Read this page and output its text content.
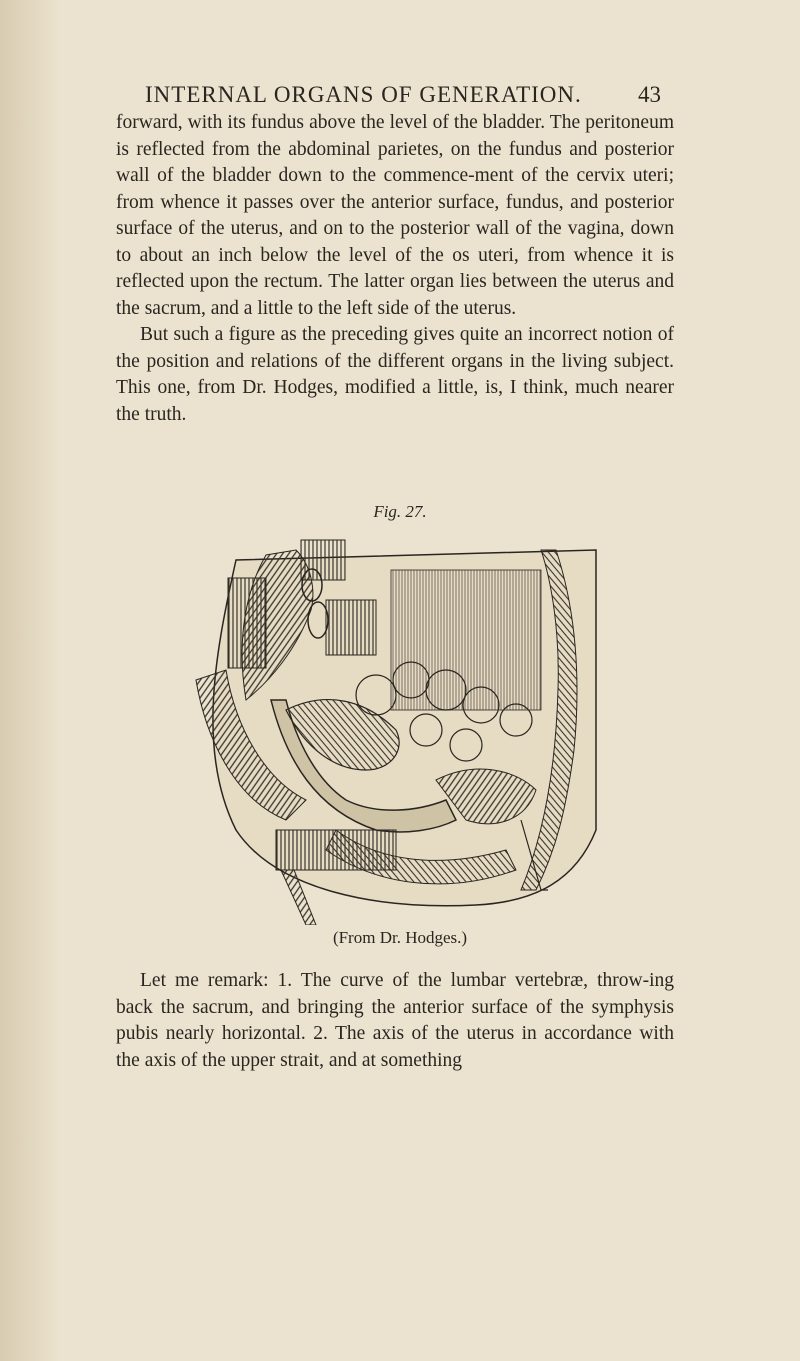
INTERNAL ORGANS OF GENERATION. 43

forward, with its fundus above the level of the bladder. The peritoneum is reflected from the abdominal parietes, on the fundus and posterior wall of the bladder down to the commence-ment of the cervix uteri; from whence it passes over the anterior surface, fundus, and posterior surface of the uterus, and on to the posterior wall of the vagina, down to about an inch below the level of the os uteri, from whence it is reflected upon the rectum. The latter organ lies between the uterus and the sacrum, and a little to the left side of the uterus.

But such a figure as the preceding gives quite an incorrect notion of the position and relations of the different organs in the living subject. This one, from Dr. Hodges, modified a little, is, I think, much nearer the truth.

Fig. 27.
(From Dr. Hodges.)

Let me remark: 1. The curve of the lumbar vertebræ, throw-ing back the sacrum, and bringing the anterior surface of the symphysis pubis nearly horizontal. 2. The axis of the uterus in accordance with the axis of the upper strait, and at something
